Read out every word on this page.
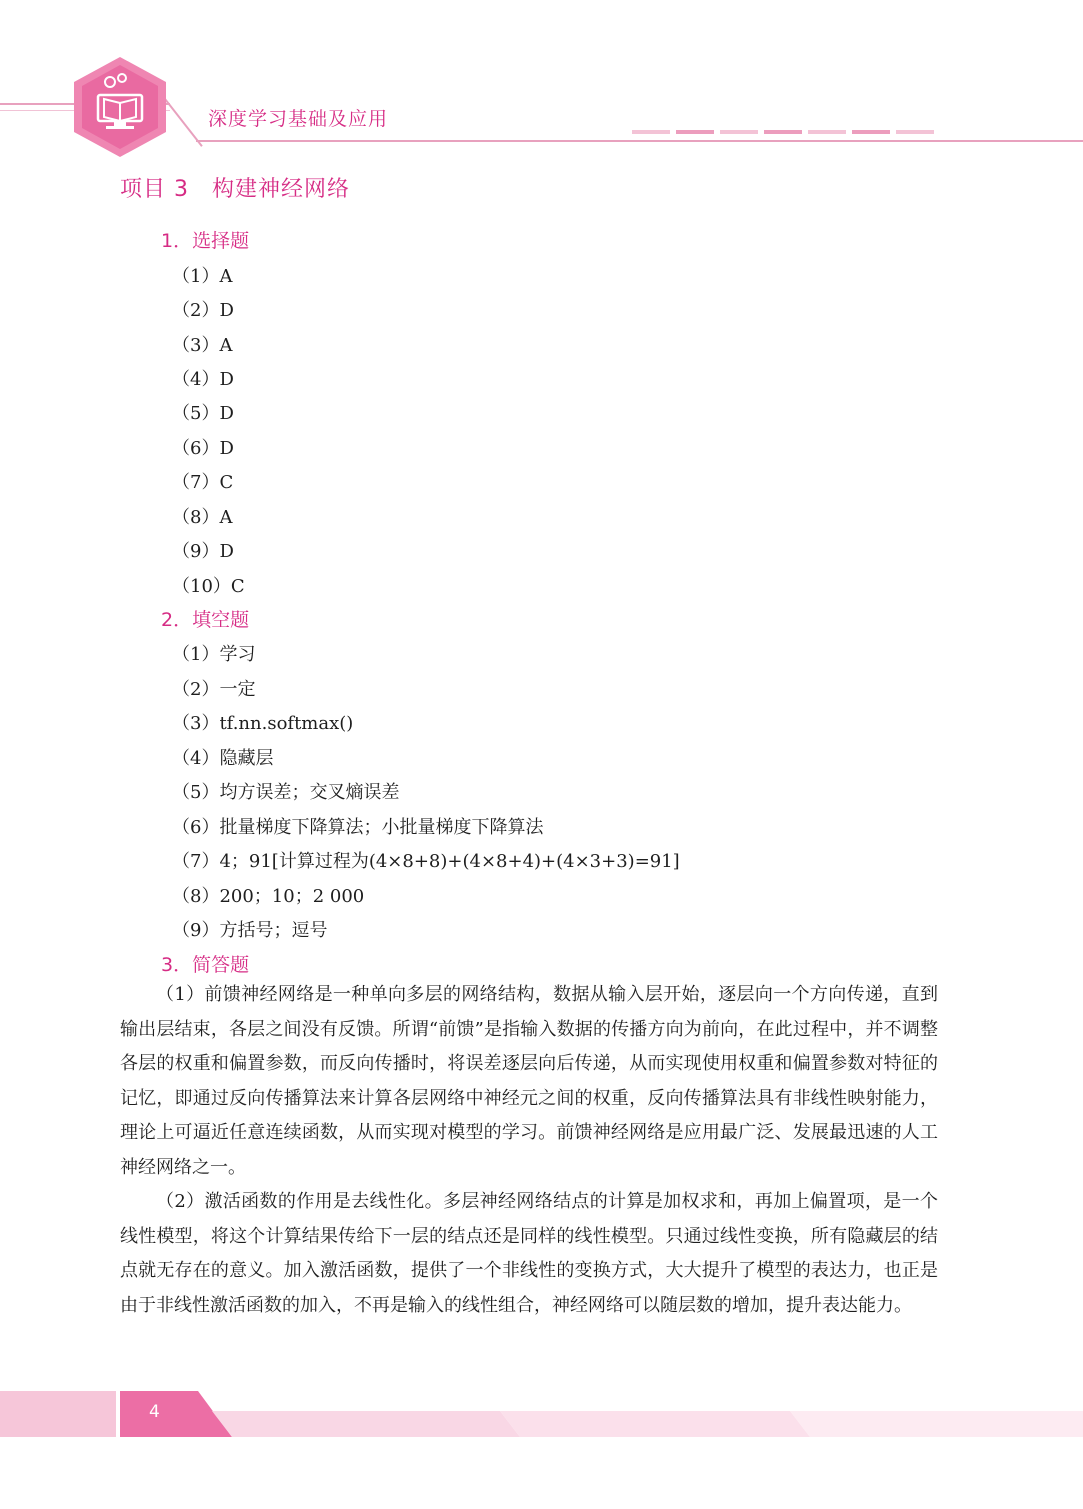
深度学习基础及应用
项目 3　构建神经网络
1．选择题
（1）A
（2）D
（3）A
（4）D
（5）D
（6）D
（7）C
（8）A
（9）D
（10）C
2．填空题
（1）学习
（2）一定
（3）tf.nn.softmax()
（4）隐藏层
（5）均方误差；交叉熵误差
（6）批量梯度下降算法；小批量梯度下降算法
（7）4；91[计算过程为(4×8+8)+(4×8+4)+(4×3+3)=91]
（8）200；10；2 000
（9）方括号；逗号
3．简答题
（1）前馈神经网络是一种单向多层的网络结构，数据从输入层开始，逐层向一个方向传递，直到输出层结束，各层之间没有反馈。所谓“前馈”是指输入数据的传播方向为前向，在此过程中，并不调整各层的权重和偏置参数，而反向传播时，将误差逐层向后传递，从而实现使用权重和偏置参数对特征的记忆，即通过反向传播算法来计算各层网络中神经元之间的权重，反向传播算法具有非线性映射能力，理论上可逼近任意连续函数，从而实现对模型的学习。前馈神经网络是应用最广泛、发展最迅速的人工神经网络之一。
（2）激活函数的作用是去线性化。多层神经网络结点的计算是加权求和，再加上偏置项，是一个线性模型，将这个计算结果传给下一层的结点还是同样的线性模型。只通过线性变换，所有隐藏层的结点就无存在的意义。加入激活函数，提供了一个非线性的变换方式，大大提升了模型的表达力，也正是由于非线性激活函数的加入，不再是输入的线性组合，神经网络可以随层数的增加，提升表达能力。
4
